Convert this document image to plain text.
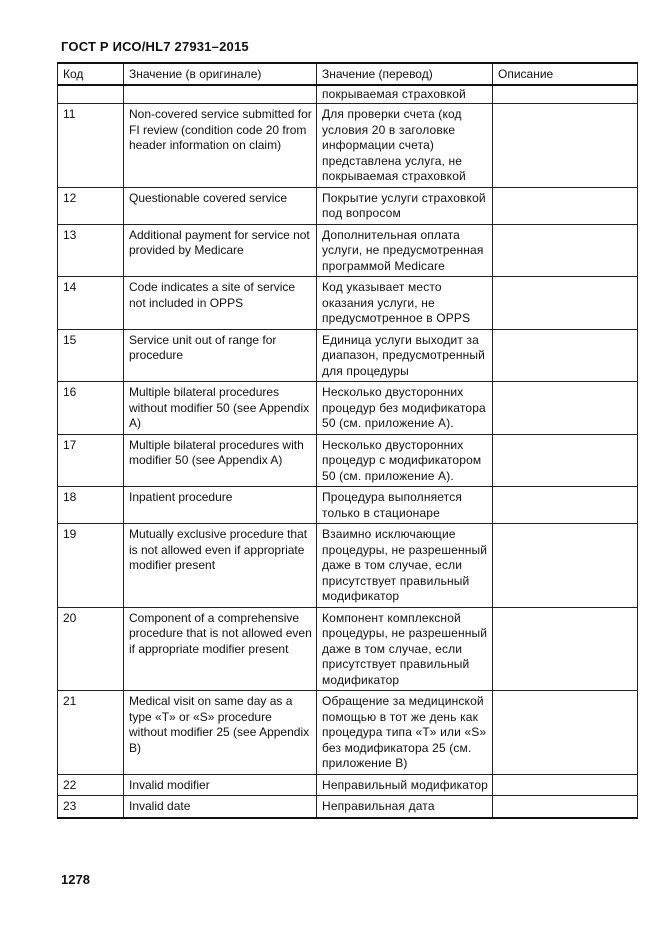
ГОСТ Р ИСО/HL7 27931–2015
Код	Значение (в оригинале)	Значение (перевод)	Описание
		покрываемая страховкой	
11	Non-covered service submitted for FI review (condition code 20 from header information on claim)	Для проверки счета (код условия 20 в заголовке информации счета) представлена услуга, не покрываемая страховкой	
12	Questionable covered service	Покрытие услуги страховкой под вопросом	
13	Additional payment for service not provided by Medicare	Дополнительная оплата услуги, не предусмотренная программой Medicare	
14	Code indicates a site of service not included in OPPS	Код указывает место оказания услуги, не предусмотренное в OPPS	
15	Service unit out of range for procedure	Единица услуги выходит за диапазон, предусмотренный для процедуры	
16	Multiple bilateral procedures without modifier 50 (see Appendix A)	Несколько двусторонних процедур без модификатора 50 (см. приложение А).	
17	Multiple bilateral procedures with modifier 50 (see Appendix A)	Несколько двусторонних процедур с модификатором 50 (см. приложение А).	
18	Inpatient procedure	Процедура выполняется только в стационаре	
19	Mutually exclusive procedure that is not allowed even if appropriate modifier present	Взаимно исключающие процедуры, не разрешенный даже в том случае, если присутствует правильный модификатор	
20	Component of a comprehensive procedure that is not allowed even if appropriate modifier present	Компонент комплексной процедуры, не разрешенный даже в том случае, если присутствует правильный модификатор	
21	Medical visit on same day as a type «T» or «S» procedure without modifier 25 (see Appendix B)	Обращение за медицинской помощью в тот же день как процедура типа «T» или «S» без модификатора 25 (см. приложение B)	
22	Invalid modifier	Неправильный модификатор	
23	Invalid date	Неправильная дата	
1278
